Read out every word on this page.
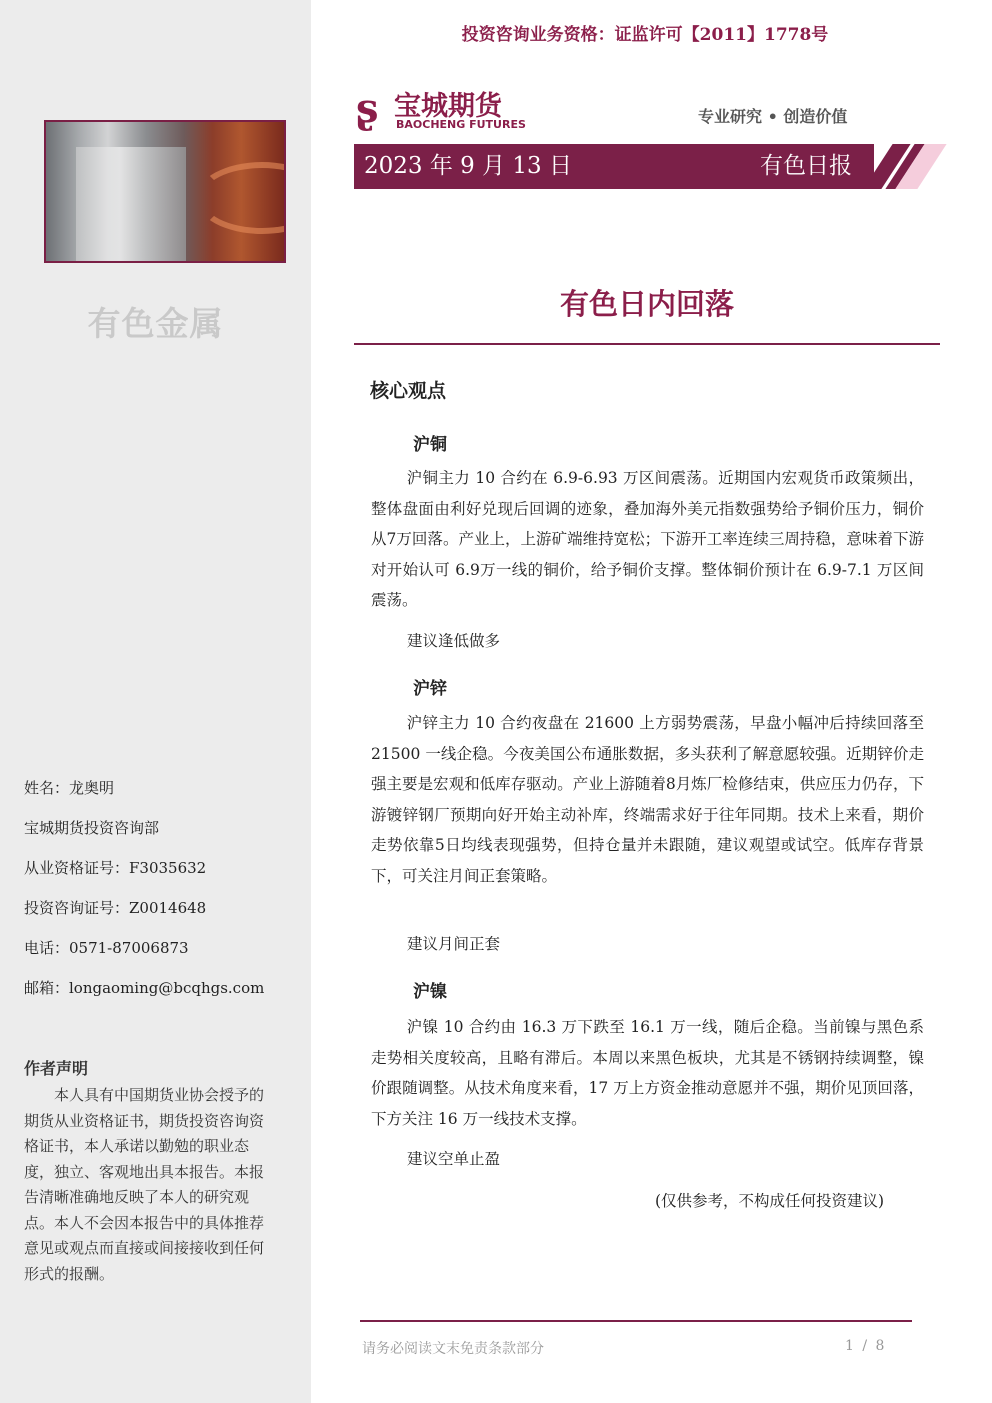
有色金属
姓名：龙奥明
宝城期货投资咨询部
从业资格证号：F3035632
投资咨询证号：Z0014648
电话：0571-87006873
邮箱：longaoming@bcqhgs.com
作者声明
本人具有中国期货业协会授予的期货从业资格证书，期货投资咨询资格证书，本人承诺以勤勉的职业态度，独立、客观地出具本报告。本报告清晰准确地反映了本人的研究观点。本人不会因本报告中的具体推荐意见或观点而直接或间接接收到任何形式的报酬。
投资咨询业务资格：证监许可【2011】1778号
ʂ 宝城期货
BAOCHENG FUTURES	专业研究 • 创造价值
2023 年 9 月 13 日	有色日报
有色日内回落
核心观点
沪铜
沪铜主力 10 合约在 6.9-6.93 万区间震荡。近期国内宏观货币政策频出，整体盘面由利好兑现后回调的迹象，叠加海外美元指数强势给予铜价压力，铜价从7万回落。产业上，上游矿端维持宽松；下游开工率连续三周持稳，意味着下游对开始认可 6.9万一线的铜价，给予铜价支撑。整体铜价预计在 6.9-7.1 万区间震荡。
建议逢低做多
沪锌
沪锌主力 10 合约夜盘在 21600 上方弱势震荡，早盘小幅冲后持续回落至 21500 一线企稳。今夜美国公布通胀数据，多头获利了解意愿较强。近期锌价走强主要是宏观和低库存驱动。产业上游随着8月炼厂检修结束，供应压力仍存，下游镀锌钢厂预期向好开始主动补库，终端需求好于往年同期。技术上来看，期价走势依靠5日均线表现强势，但持仓量并未跟随，建议观望或试空。低库存背景下，可关注月间正套策略。
建议月间正套
沪镍
沪镍 10 合约由 16.3 万下跌至 16.1 万一线，随后企稳。当前镍与黑色系走势相关度较高，且略有滞后。本周以来黑色板块，尤其是不锈钢持续调整，镍价跟随调整。从技术角度来看，17 万上方资金推动意愿并不强，期价见顶回落，下方关注 16 万一线技术支撑。
建议空单止盈
(仅供参考，不构成任何投资建议)
请务必阅读文末免责条款部分	1 / 8
